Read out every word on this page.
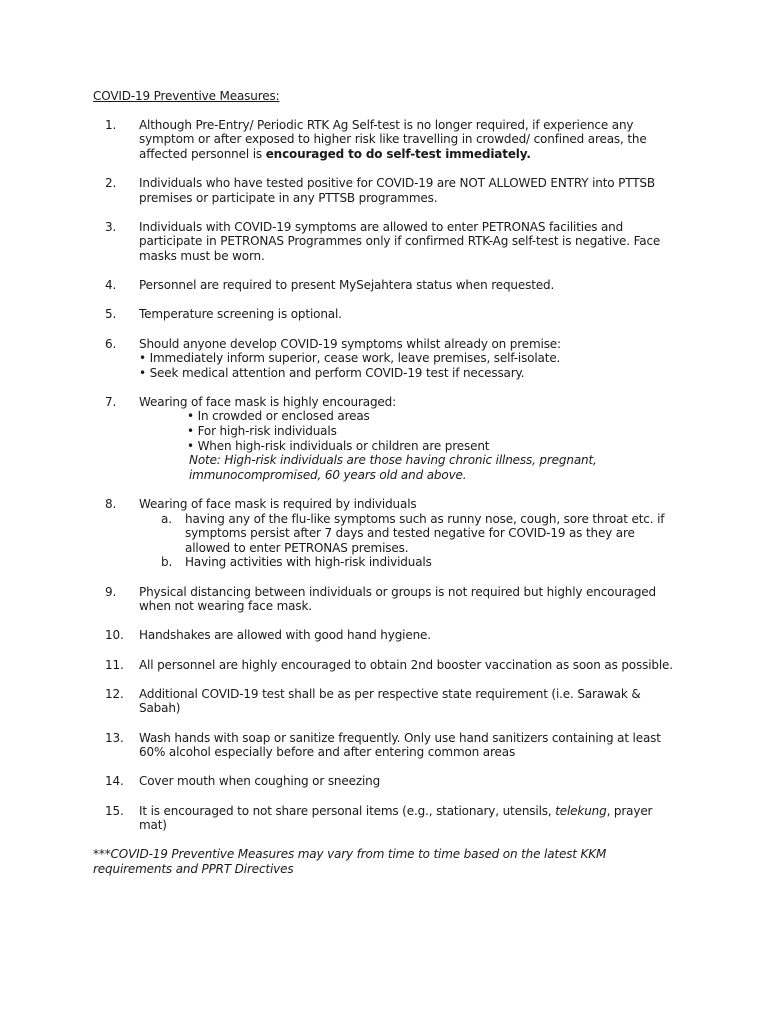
COVID-19 Preventive Measures:
1.	Although Pre-Entry/ Periodic RTK Ag Self-test is no longer required, if experience any symptom or after exposed to higher risk like travelling in crowded/ confined areas, the affected personnel is encouraged to do self-test immediately.
2.	Individuals who have tested positive for COVID-19 are NOT ALLOWED ENTRY into PTTSB premises or participate in any PTTSB programmes.
3.	Individuals with COVID-19 symptoms are allowed to enter PETRONAS facilities and participate in PETRONAS Programmes only if confirmed RTK-Ag self-test is negative. Face masks must be worn.
4.	Personnel are required to present MySejahtera status when requested.
5.	Temperature screening is optional.
6.	Should anyone develop COVID-19 symptoms whilst already on premise:
• Immediately inform superior, cease work, leave premises, self-isolate.
• Seek medical attention and perform COVID-19 test if necessary.
7.	Wearing of face mask is highly encouraged:
• In crowded or enclosed areas
• For high-risk individuals
• When high-risk individuals or children are present
Note: High-risk individuals are those having chronic illness, pregnant, immunocompromised, 60 years old and above.
8.	Wearing of face mask is required by individuals
a.	having any of the flu-like symptoms such as runny nose, cough, sore throat etc. if symptoms persist after 7 days and tested negative for COVID-19 as they are allowed to enter PETRONAS premises.
b.	Having activities with high-risk individuals
9.	Physical distancing between individuals or groups is not required but highly encouraged when not wearing face mask.
10.	Handshakes are allowed with good hand hygiene.
11.	All personnel are highly encouraged to obtain 2nd booster vaccination as soon as possible.
12.	Additional COVID-19 test shall be as per respective state requirement (i.e. Sarawak & Sabah)
13.	Wash hands with soap or sanitize frequently. Only use hand sanitizers containing at least 60% alcohol especially before and after entering common areas
14.	Cover mouth when coughing or sneezing
15.	It is encouraged to not share personal items (e.g., stationary, utensils, telekung, prayer mat)
***COVID-19 Preventive Measures may vary from time to time based on the latest KKM requirements and PPRT Directives
